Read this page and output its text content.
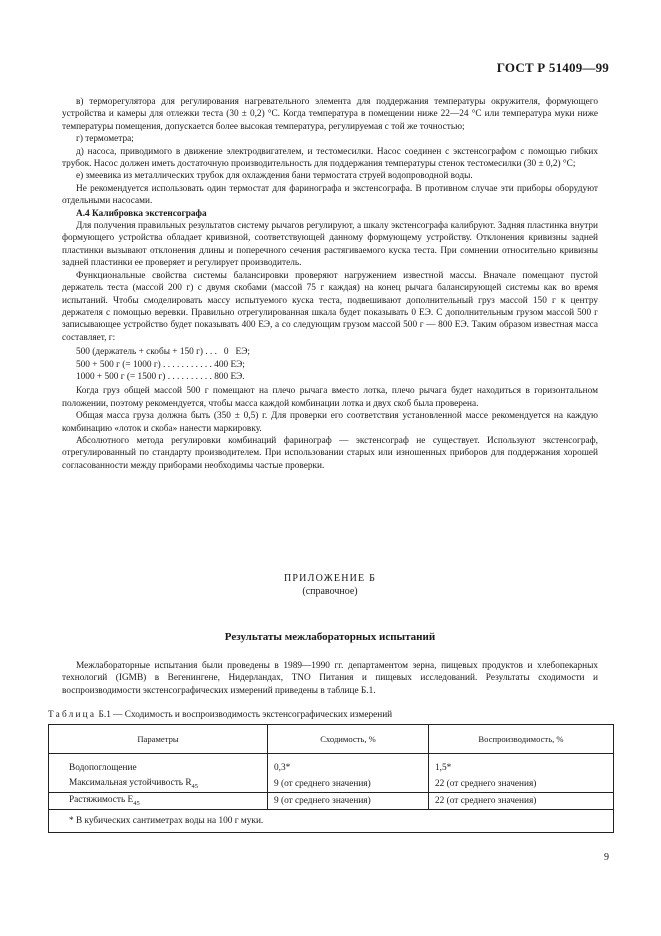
ГОСТ Р 51409—99

в) терморегулятора для регулирования нагревательного элемента для поддержания температуры окружителя, формующего устройства и камеры для отлежки теста (30 ± 0,2) °С. Когда температура в помещении ниже 22—24 °С или температура муки ниже температуры помещения, допускается более высокая температура, регулируемая с той же точностью;

г) термометра;

д) насоса, приводимого в движение электродвигателем, и тестомесилки. Насос соединен с экстенсографом с помощью гибких трубок. Насос должен иметь достаточную производительность для поддержания температуры стенок тестомесилки (30 ± 0,2) °С;

е) змеевика из металлических трубок для охлаждения бани термостата струей водопроводной воды.

Не рекомендуется использовать один термостат для фаринографа и экстенсографа. В противном случае эти приборы оборудуют отдельными насосами.

А.4 Калибровка экстенсографа

Для получения правильных результатов систему рычагов регулируют, а шкалу экстенсографа калибруют. Задняя пластинка внутри формующего устройства обладает кривизной, соответствующей данному формующему устройству. Отклонения кривизны задней пластинки вызывают отклонения длины и поперечного сечения растягиваемого куска теста. При сомнении относительно кривизны задней пластинки ее проверяет и регулирует производитель.

Функциональные свойства системы балансировки проверяют нагружением известной массы. Вначале помещают пустой держатель теста (массой 200 г) с двумя скобами (массой 75 г каждая) на конец рычага балансирующей системы как во время испытаний. Чтобы смоделировать массу испытуемого куска теста, подвешивают дополнительный груз массой 150 г к центру держателя с помощью веревки. Правильно отрегулированная шкала будет показывать 0 ЕЭ. С дополнительным грузом массой 500 г записывающее устройство будет показывать 400 ЕЭ, а со следующим грузом массой 500 г — 800 ЕЭ. Таким образом известная масса составляет, г:

500 (держатель + скобы + 150 г) . . .   0   ЕЭ;
500 + 500 г (= 1000 г) . . . . . . . . . . . 400 ЕЭ;
1000 + 500 г (= 1500 г) . . . . . . . . . . 800 ЕЭ.

Когда груз общей массой 500 г помещают на плечо рычага вместо лотка, плечо рычага будет находиться в горизонтальном положении, поэтому рекомендуется, чтобы масса каждой комбинации лотка и двух скоб была проверена.

Общая масса груза должна быть (350 ± 0,5) г. Для проверки его соответствия установленной массе рекомендуется на каждую комбинацию «лоток и скоба» нанести маркировку.

Абсолютного метода регулировки комбинаций фаринограф — экстенсограф не существует. Используют экстенсограф, отрегулированный по стандарту производителем. При использовании старых или изношенных приборов для поддержания хорошей согласованности между приборами необходимы частые проверки.

ПРИЛОЖЕНИЕ Б
(справочное)
Результаты межлабораторных испытаний

Межлабораторные испытания были проведены в 1989—1990 гг. департаментом зерна, пищевых продуктов и хлебопекарных технологий (IGMB) в Вегенингене, Нидерландах, TNO Питания и пищевых исследований. Результаты сходимости и воспроизводимости экстенсографических измерений приведены в таблице Б.1.

Таблица Б.1 — Сходимость и воспроизводимость экстенсографических измерений
Параметры	Сходимость, %	Воспроизводимость, %
Водопоглощение	0,3*	1,5*
Максимальная устойчивость $R_{45}$	9 (от среднего значения)	22 (от среднего значения)
Растяжимость $E_{45}$	9 (от среднего значения)	22 (от среднего значения)
* В кубических сантиметрах воды на 100 г муки.		
9
